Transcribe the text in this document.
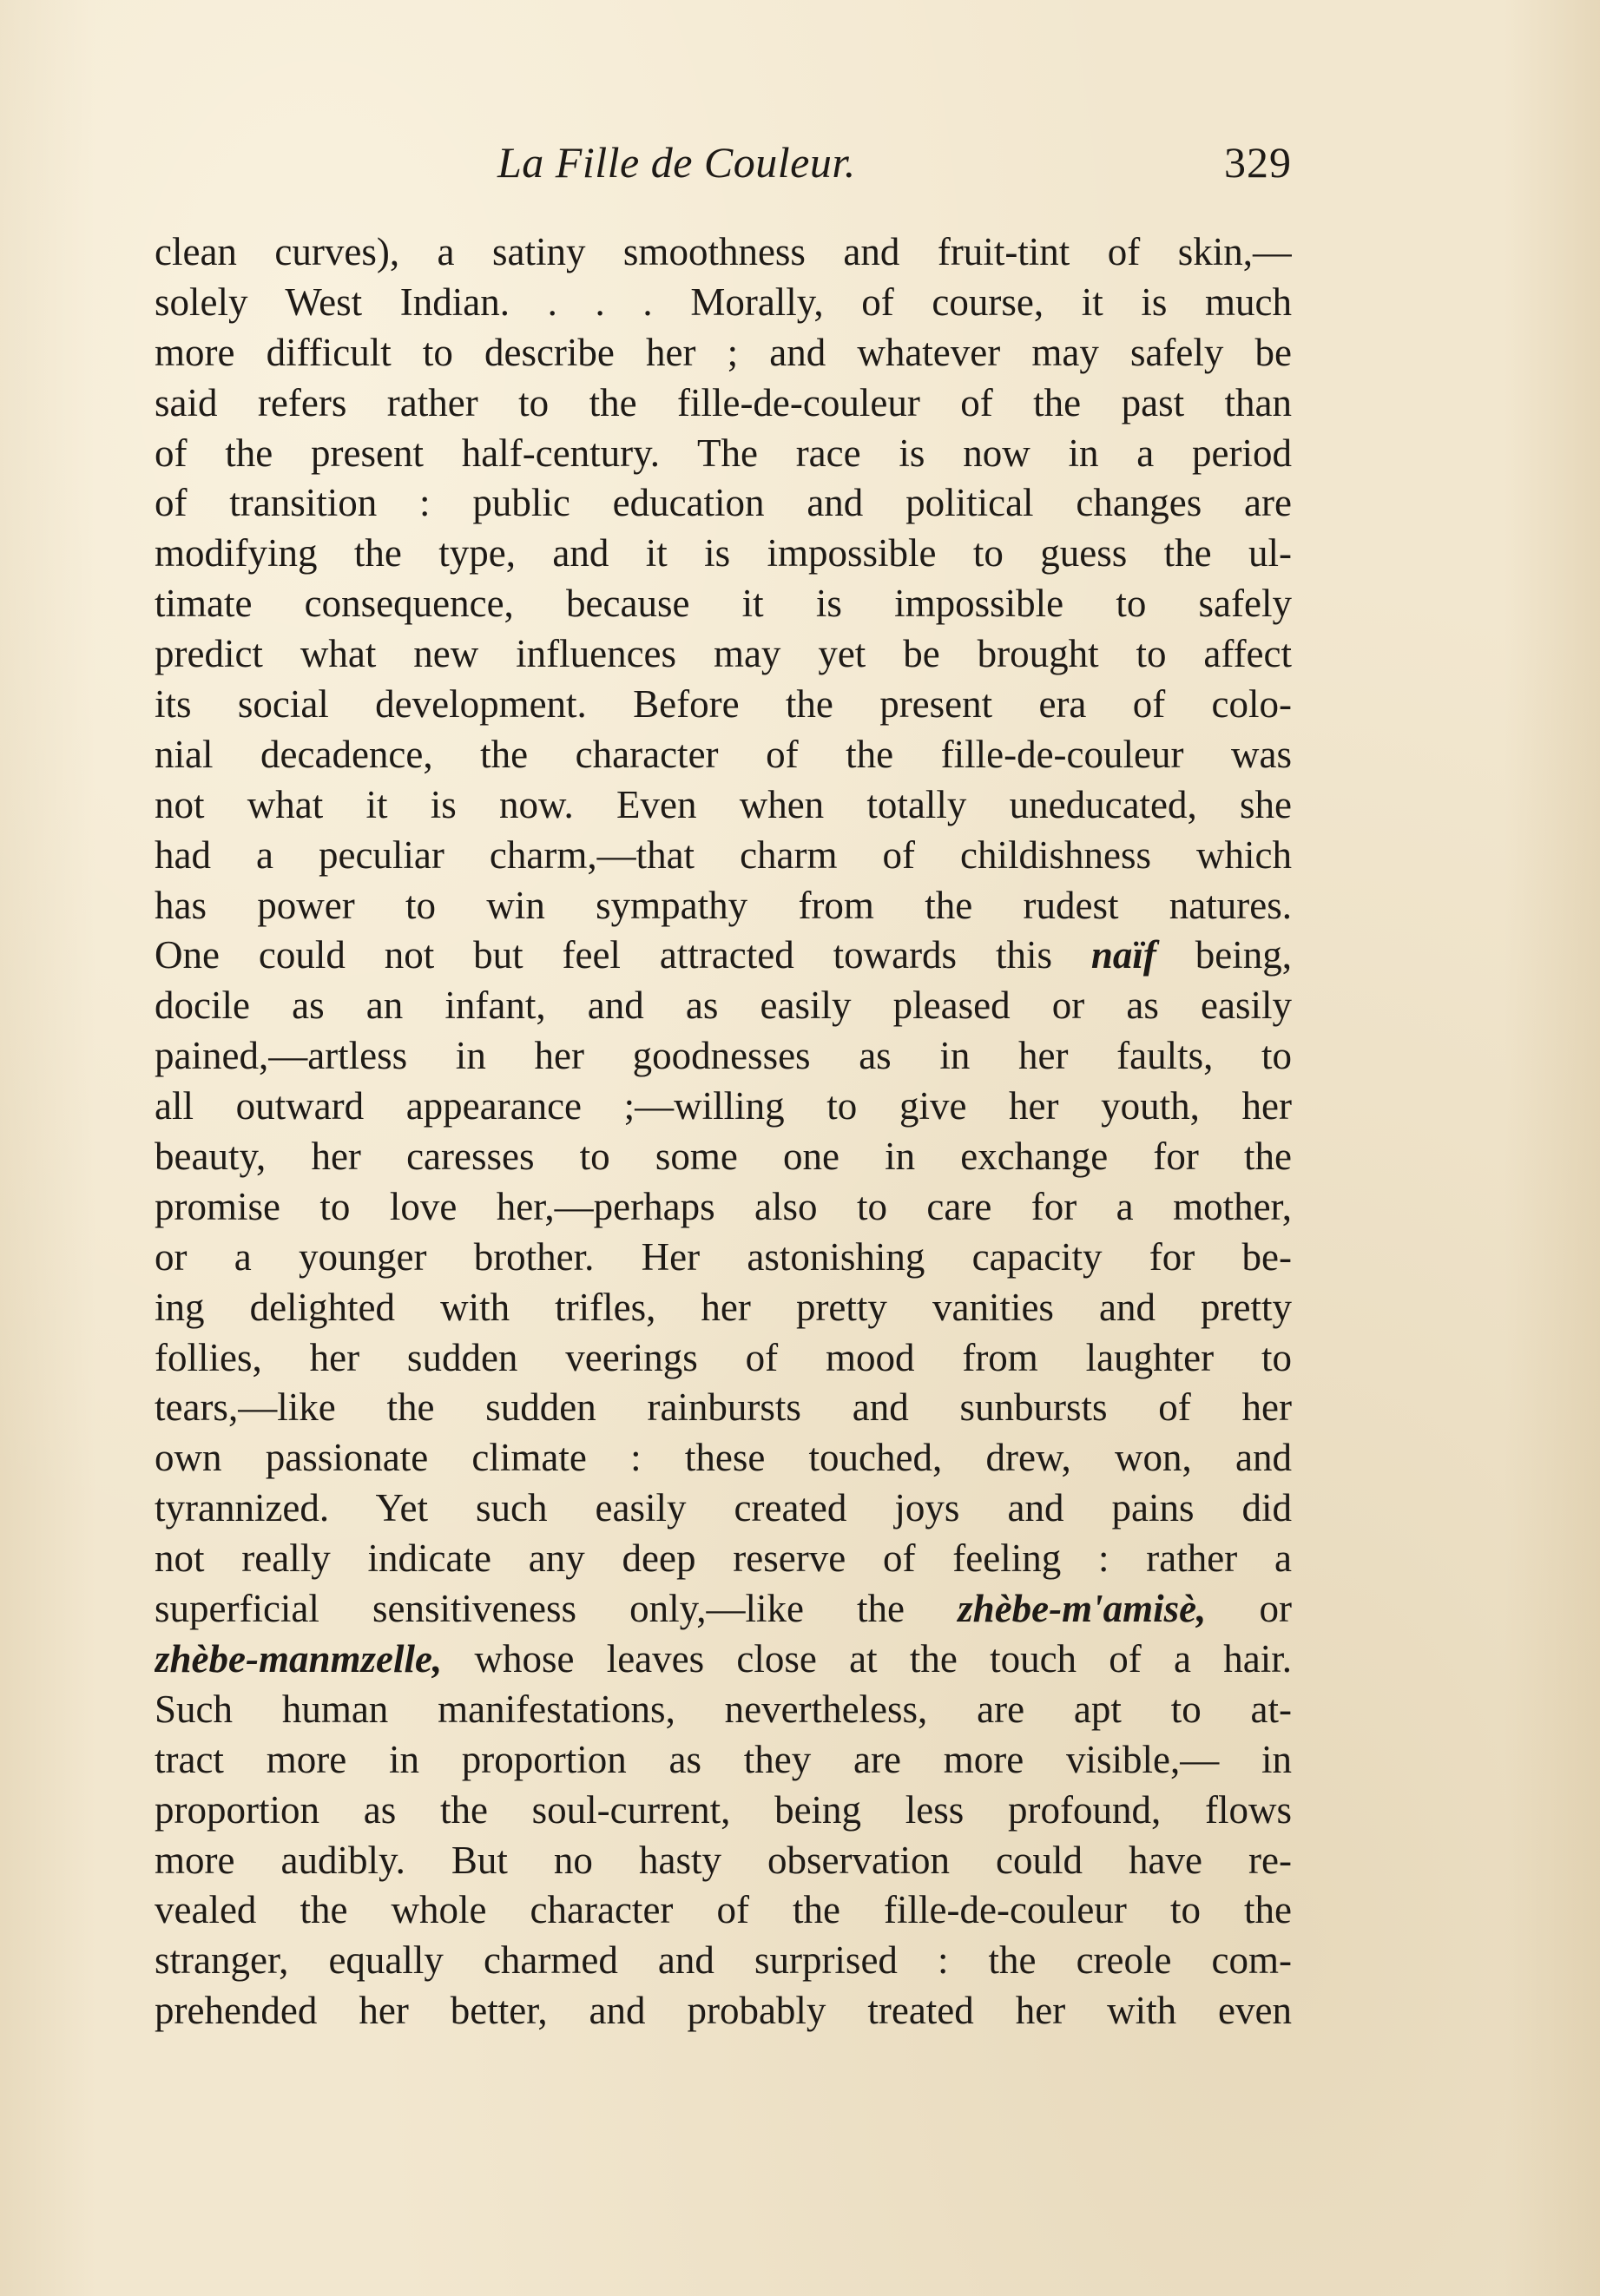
La Fille de Couleur.	329
clean curves), a satiny smoothness and fruit-tint of skin,—
solely West Indian. . . . Morally, of course, it is much
more difficult to describe her ; and whatever may safely be
said refers rather to the fille-de-couleur of the past than
of the present half-century. The race is now in a period
of transition : public education and political changes are
modifying the type, and it is impossible to guess the ul-
timate consequence, because it is impossible to safely
predict what new influences may yet be brought to affect
its social development. Before the present era of colo-
nial decadence, the character of the fille-de-couleur was
not what it is now. Even when totally uneducated, she
had a peculiar charm,—that charm of childishness which
has power to win sympathy from the rudest natures.
One could not but feel attracted towards this naïf being,
docile as an infant, and as easily pleased or as easily
pained,—artless in her goodnesses as in her faults, to
all outward appearance ;—willing to give her youth, her
beauty, her caresses to some one in exchange for the
promise to love her,—perhaps also to care for a mother,
or a younger brother. Her astonishing capacity for be-
ing delighted with trifles, her pretty vanities and pretty
follies, her sudden veerings of mood from laughter to
tears,—like the sudden rainbursts and sunbursts of her
own passionate climate : these touched, drew, won, and
tyrannized. Yet such easily created joys and pains did
not really indicate any deep reserve of feeling : rather a
superficial sensitiveness only,—like the zhèbe-m'amisè, or
zhèbe-manmzelle, whose leaves close at the touch of a hair.
Such human manifestations, nevertheless, are apt to at-
tract more in proportion as they are more visible,— in
proportion as the soul-current, being less profound, flows
more audibly. But no hasty observation could have re-
vealed the whole character of the fille-de-couleur to the
stranger, equally charmed and surprised : the creole com-
prehended her better, and probably treated her with even
